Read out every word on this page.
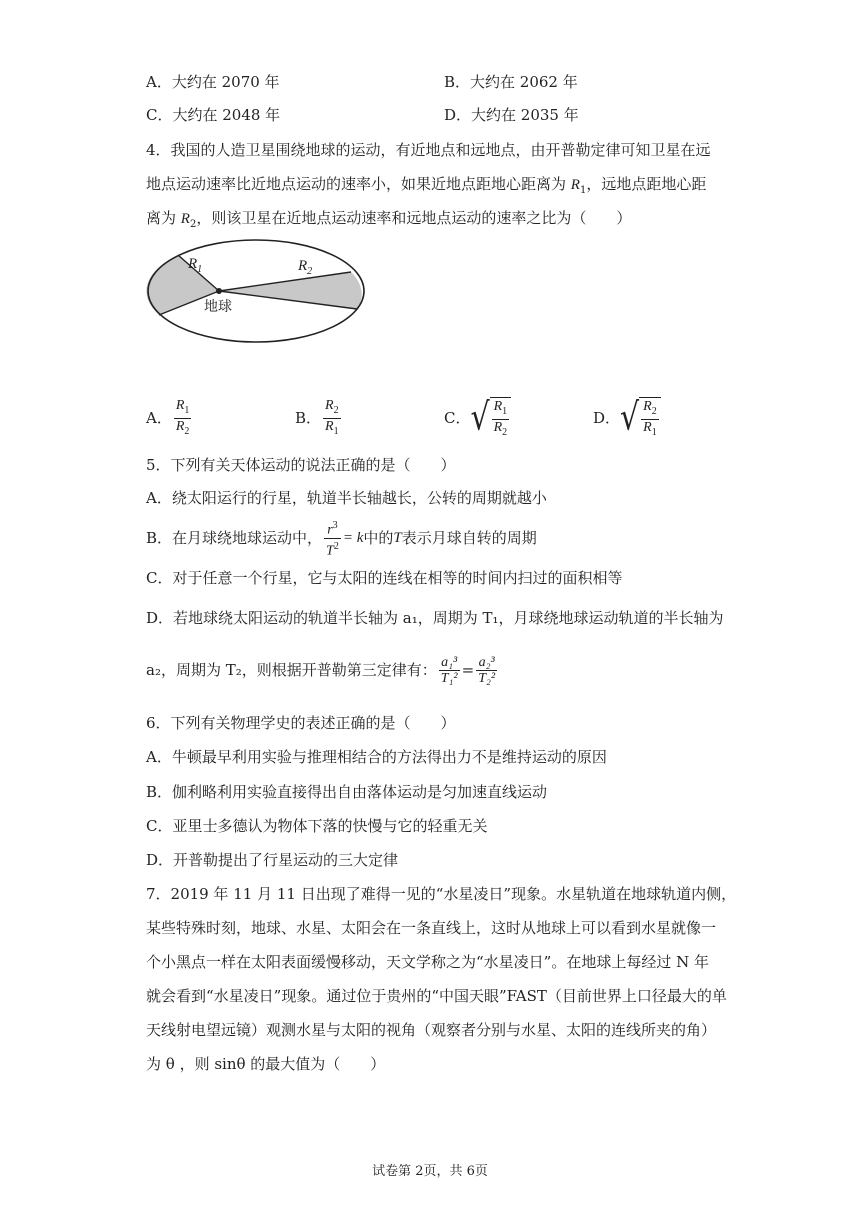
A．大约在 2070 年	B．大约在 2062 年
C．大约在 2048 年	D．大约在 2035 年
4．我国的人造卫星围绕地球的运动，有近地点和远地点，由开普勒定律可知卫星在远
地点运动速率比近地点运动的速率小，如果近地点距地心距离为 $R_1$，远地点距地心距
离为 $R_2$，则该卫星在近地点运动速率和远地点运动的速率之比为（　　）
$R_1$	$R_2$
地球
A． $\frac{R_1}{R_2}$	B． $\frac{R_2}{R_1}$	C． √ $\frac{R_1}{R_2}$	D． √ $\frac{R_2}{R_1}$
5．下列有关天体运动的说法正确的是（　　）
A．绕太阳运行的行星，轨道半长轴越长，公转的周期就越小
B．在月球绕地球运动中， $\frac{r^3}{T^2} = k$ 中的 T 表示月球自转的周期
C．对于任意一个行星，它与太阳的连线在相等的时间内扫过的面积相等
D．若地球绕太阳运动的轨道半长轴为 a₁，周期为 T₁，月球绕地球运动轨道的半长轴为
a₂，周期为 T₂，则根据开普勒第三定律有： $\frac{\text{a₁³}}{\text{T₁²}} = \frac{\text{a₂³}}{\text{T₂²}}$
6．下列有关物理学史的表述正确的是（　　）
A．牛顿最早利用实验与推理相结合的方法得出力不是维持运动的原因
B．伽利略利用实验直接得出自由落体运动是匀加速直线运动
C．亚里士多德认为物体下落的快慢与它的轻重无关
D．开普勒提出了行星运动的三大定律
7．2019 年 11 月 11 日出现了难得一见的“水星凌日”现象。水星轨道在地球轨道内侧，
某些特殊时刻，地球、水星、太阳会在一条直线上，这时从地球上可以看到水星就像一
个小黑点一样在太阳表面缓慢移动，天文学称之为“水星凌日”。在地球上每经过 N 年
就会看到“水星凌日”现象。通过位于贵州的“中国天眼”FAST（目前世界上口径最大的单
天线射电望远镜）观测水星与太阳的视角（观察者分别与水星、太阳的连线所夹的角）
为 θ ，则 sinθ 的最大值为（　　）
试卷第 2页，共 6页
